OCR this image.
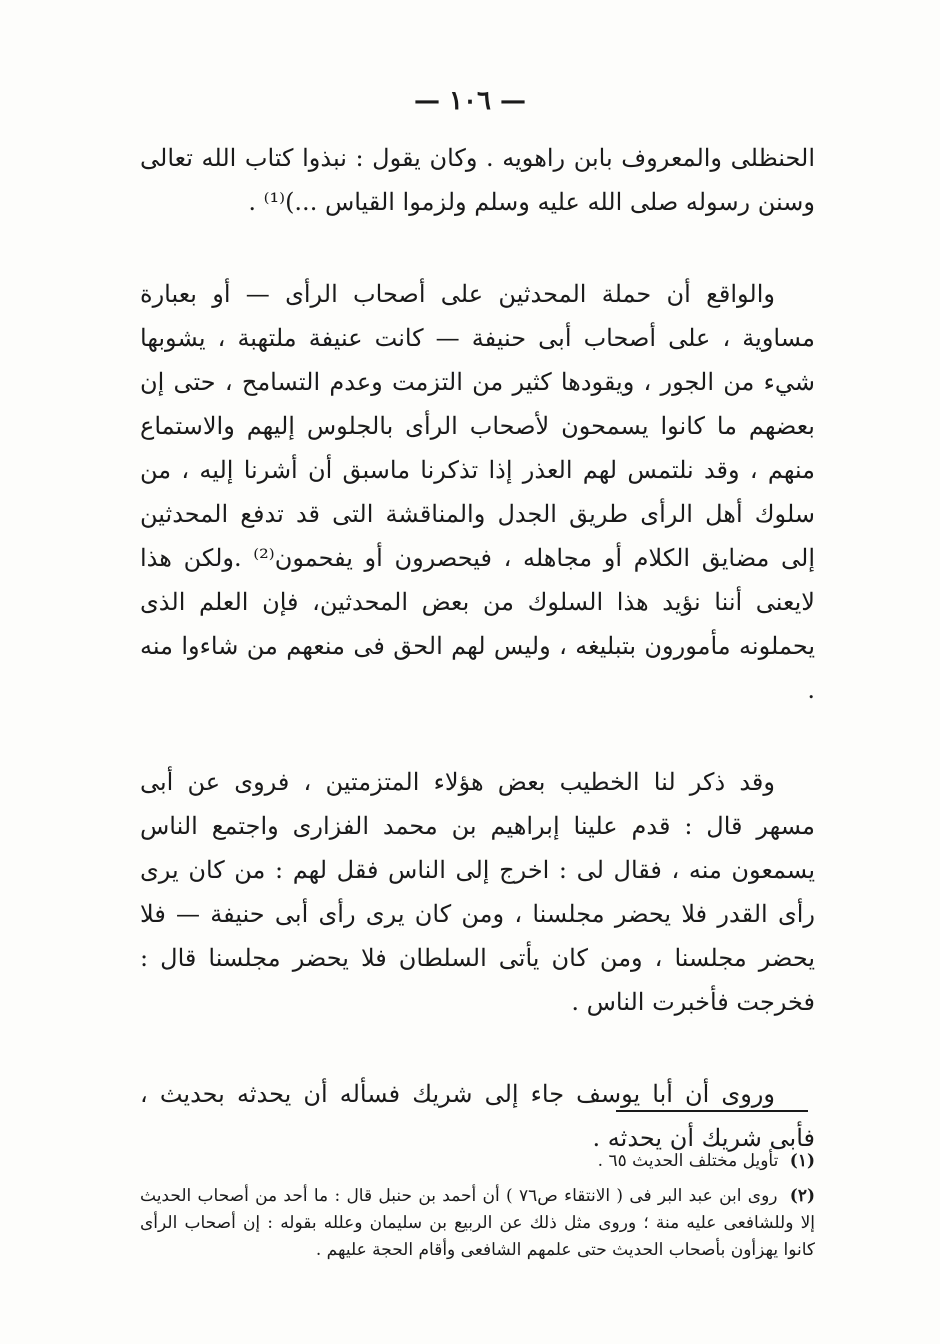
— ١٠٦ —

الحنظلى والمعروف بابن راهويه . وكان يقول : نبذوا كتاب الله تعالى وسنن رسوله صلى الله عليه وسلم ولزموا القياس ...)⁽¹⁾ .

والواقع أن حملة المحدثين على أصحاب الرأى — أو بعبارة مساوية ، على أصحاب أبى حنيفة — كانت عنيفة ملتهبة ، يشوبها شيء من الجور ، ويقودها كثير من التزمت وعدم التسامح ، حتى إن بعضهم ما كانوا يسمحون لأصحاب الرأى بالجلوس إليهم والاستماع منهم ، وقد نلتمس لهم العذر إذا تذكرنا ماسبق أن أشرنا إليه ، من سلوك أهل الرأى طريق الجدل والمناقشة التى قد تدفع المحدثين إلى مضايق الكلام أو مجاهله ، فيحصرون أو يفحمون⁽²⁾ .ولكن هذا لايعنى أننا نؤيد هذا السلوك من بعض المحدثين، فإن العلم الذى يحملونه مأمورون بتبليغه ، وليس لهم الحق فى منعهم من شاءوا منه .

وقد ذكر لنا الخطيب بعض هؤلاء المتزمتين ، فروى عن أبى مسهر قال : قدم علينا إبراهيم بن محمد الفزارى واجتمع الناس يسمعون منه ، فقال لى : اخرج إلى الناس فقل لهم : من كان يرى رأى القدر فلا يحضر مجلسنا ، ومن كان يرى رأى أبى حنيفة — فلا يحضر مجلسنا ، ومن كان يأتى السلطان فلا يحضر مجلسنا قال : فخرجت فأخبرت الناس .

وروى أن أبا يوسف جاء إلى شريك فسأله أن يحدثه بحديث ، فأبى شريك أن يحدثه .

(١) تأويل مختلف الحديث ٦٥ .

(٢) روى ابن عبد البر فى ( الانتقاء ص٧٦ ) أن أحمد بن حنبل قال : ما أحد من أصحاب الحديث إلا وللشافعى عليه منة ؛ وروى مثل ذلك عن الربيع بن سليمان وعلله بقوله : إن أصحاب الرأى كانوا يهزأون بأصحاب الحديث حتى علمهم الشافعى وأقام الحجة عليهم .
